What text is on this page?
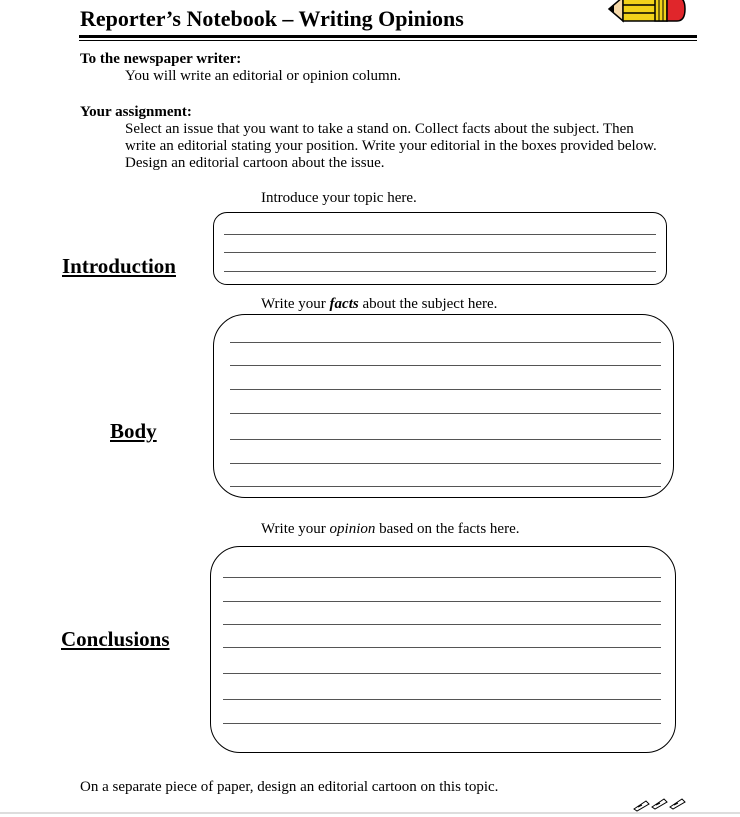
Reporter’s Notebook – Writing Opinions
To the newspaper writer:
You will write an editorial or opinion column.
Your assignment:
Select an issue that you want to take a stand on. Collect facts about the subject. Then
write an editorial stating your position. Write your editorial in the boxes provided below.
Design an editorial cartoon about the issue.
Introduce your topic here.
Introduction
Write your facts about the subject here.
Body
Write your opinion based on the facts here.
Conclusions
On a separate piece of paper, design an editorial cartoon on this topic.
